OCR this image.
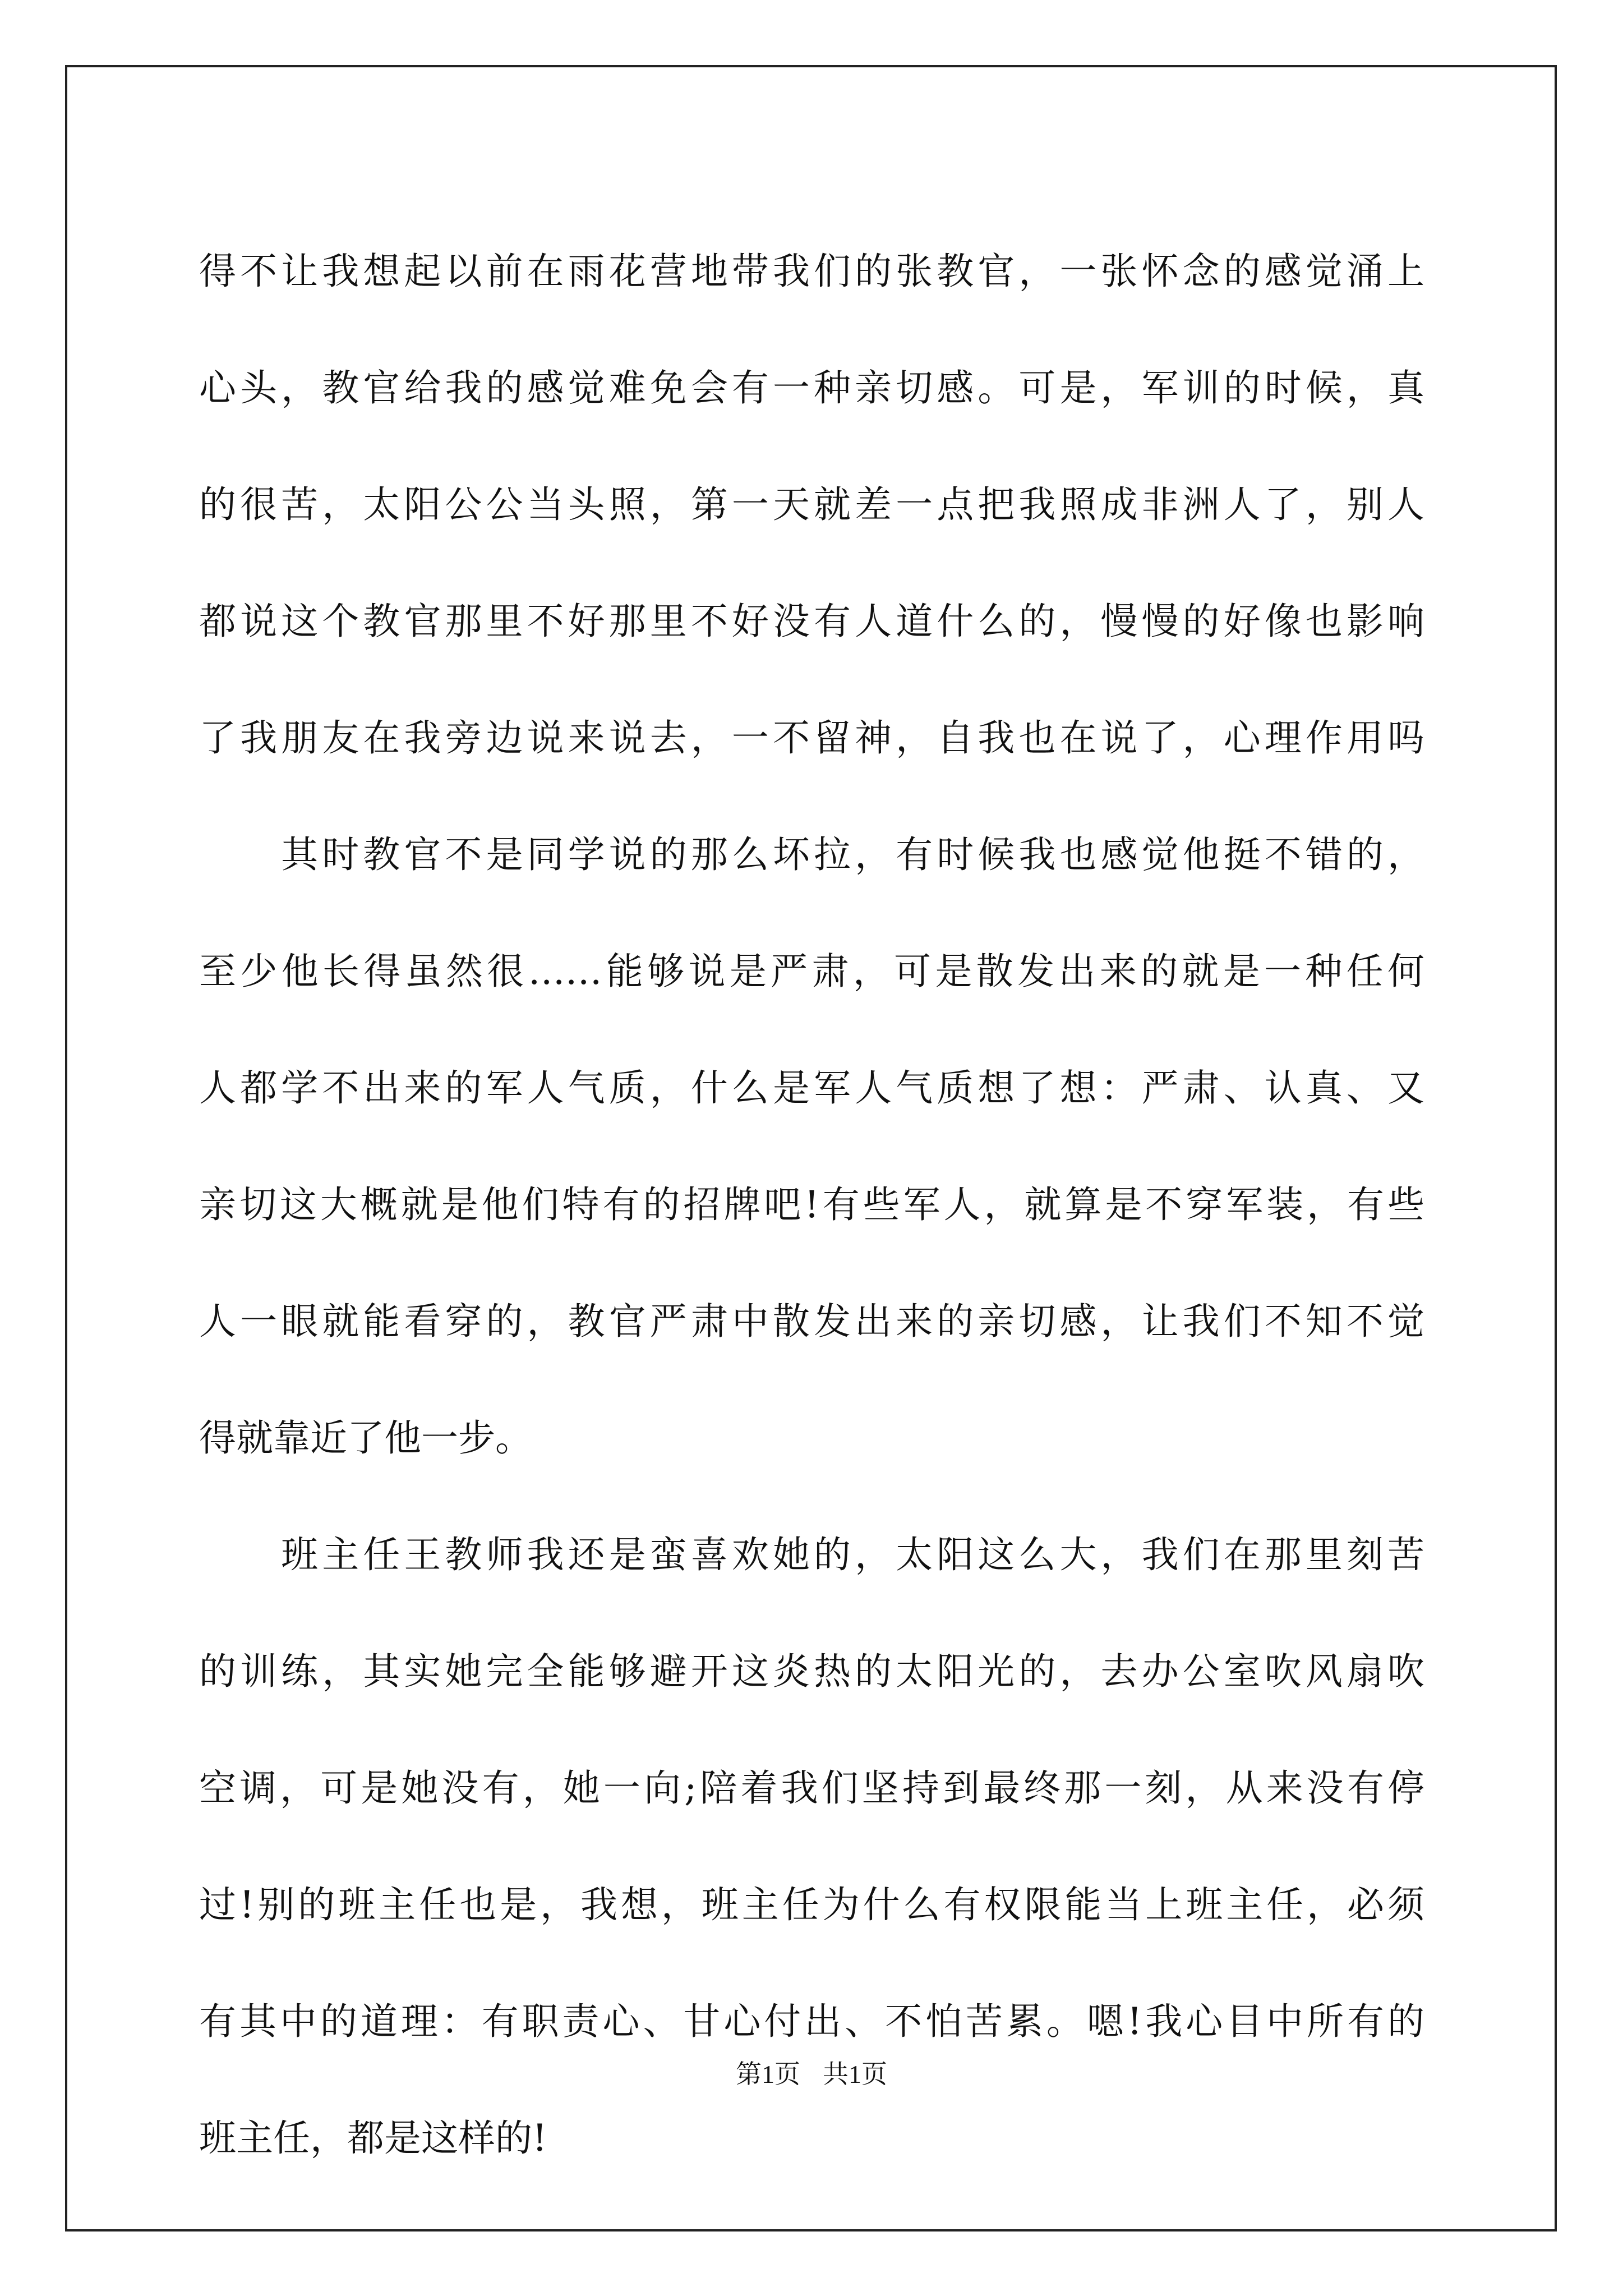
得不让我想起以前在雨花营地带我们的张教官，一张怀念的感觉涌上
心头，教官给我的感觉难免会有一种亲切感。可是，军训的时候，真
的很苦，太阳公公当头照，第一天就差一点把我照成非洲人了，别人
都说这个教官那里不好那里不好没有人道什么的，慢慢的好像也影响
了我朋友在我旁边说来说去，一不留神，自我也在说了，心理作用吗
　　其时教官不是同学说的那么坏拉，有时候我也感觉他挺不错的，
至少他长得虽然很……能够说是严肃，可是散发出来的就是一种任何
人都学不出来的军人气质，什么是军人气质想了想：严肃、认真、又
亲切这大概就是他们特有的招牌吧!有些军人，就算是不穿军装，有些
人一眼就能看穿的，教官严肃中散发出来的亲切感，让我们不知不觉
得就靠近了他一步。
　　班主任王教师我还是蛮喜欢她的，太阳这么大，我们在那里刻苦
的训练，其实她完全能够避开这炎热的太阳光的，去办公室吹风扇吹
空调，可是她没有，她一向;陪着我们坚持到最终那一刻，从来没有停
过!别的班主任也是，我想，班主任为什么有权限能当上班主任，必须
有其中的道理：有职责心、甘心付出、不怕苦累。嗯!我心目中所有的
班主任，都是这样的!
第1页 共1页
